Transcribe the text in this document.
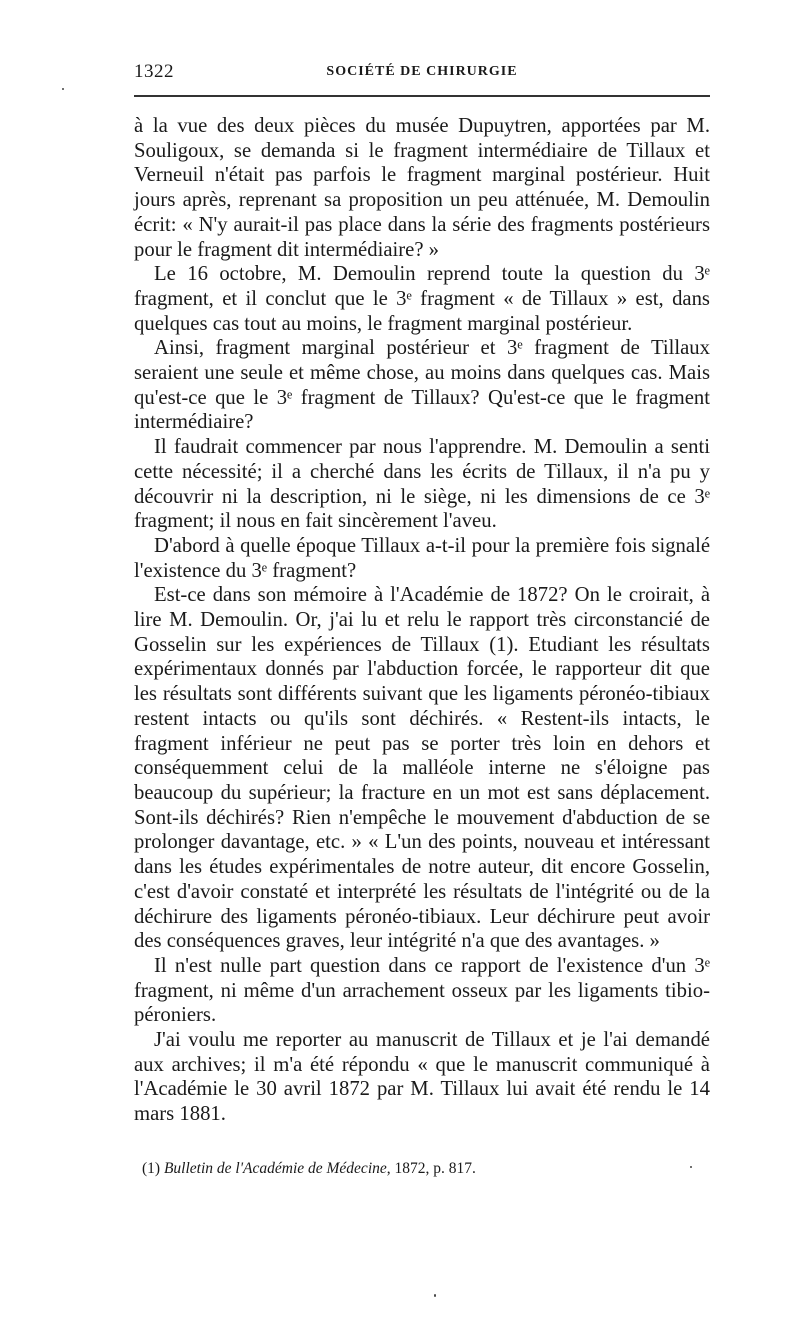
1322	SOCIÉTÉ DE CHIRURGIE

à la vue des deux pièces du musée Dupuytren, apportées par M. Souligoux, se demanda si le fragment intermédiaire de Tillaux et Verneuil n'était pas parfois le fragment marginal postérieur. Huit jours après, reprenant sa proposition un peu atténuée, M. Demoulin écrit: « N'y aurait-il pas place dans la série des fragments postérieurs pour le fragment dit intermédiaire? »

Le 16 octobre, M. Demoulin reprend toute la question du 3ᵉ fragment, et il conclut que le 3ᵉ fragment « de Tillaux » est, dans quelques cas tout au moins, le fragment marginal postérieur.

Ainsi, fragment marginal postérieur et 3ᵉ fragment de Tillaux seraient une seule et même chose, au moins dans quelques cas. Mais qu'est-ce que le 3ᵉ fragment de Tillaux? Qu'est-ce que le fragment intermédiaire?

Il faudrait commencer par nous l'apprendre. M. Demoulin a senti cette nécessité; il a cherché dans les écrits de Tillaux, il n'a pu y découvrir ni la description, ni le siège, ni les dimensions de ce 3ᵉ fragment; il nous en fait sincèrement l'aveu.

D'abord à quelle époque Tillaux a-t-il pour la première fois signalé l'existence du 3ᵉ fragment?

Est-ce dans son mémoire à l'Académie de 1872? On le croirait, à lire M. Demoulin. Or, j'ai lu et relu le rapport très circonstancié de Gosselin sur les expériences de Tillaux (1). Etudiant les résultats expérimentaux donnés par l'abduction forcée, le rapporteur dit que les résultats sont différents suivant que les ligaments péronéo-tibiaux restent intacts ou qu'ils sont déchirés. « Restent-ils intacts, le fragment inférieur ne peut pas se porter très loin en dehors et conséquemment celui de la malléole interne ne s'éloigne pas beaucoup du supérieur; la fracture en un mot est sans déplacement. Sont-ils déchirés? Rien n'empêche le mouvement d'abduction de se prolonger davantage, etc. » « L'un des points, nouveau et intéressant dans les études expérimentales de notre auteur, dit encore Gosselin, c'est d'avoir constaté et interprété les résultats de l'intégrité ou de la déchirure des ligaments péronéo-tibiaux. Leur déchirure peut avoir des conséquences graves, leur intégrité n'a que des avantages. »

Il n'est nulle part question dans ce rapport de l'existence d'un 3ᵉ fragment, ni même d'un arrachement osseux par les ligaments tibio-péroniers.

J'ai voulu me reporter au manuscrit de Tillaux et je l'ai demandé aux archives; il m'a été répondu « que le manuscrit communiqué à l'Académie le 30 avril 1872 par M. Tillaux lui avait été rendu le 14 mars 1881.

(1) Bulletin de l'Académie de Médecine, 1872, p. 817.
